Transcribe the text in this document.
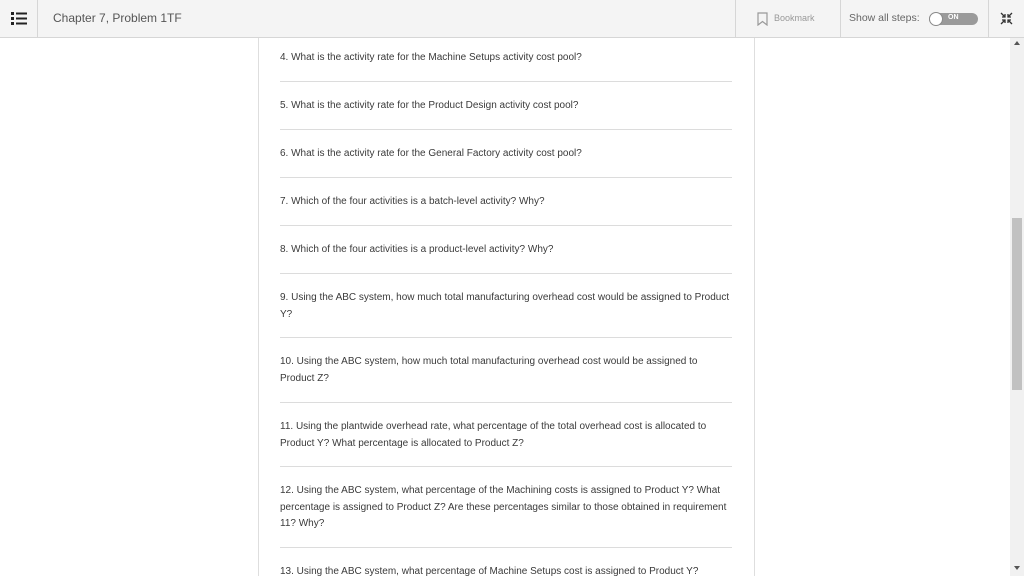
Chapter 7, Problem 1TF	Bookmark	Show all steps:	ON
4. What is the activity rate for the Machine Setups activity cost pool?
5. What is the activity rate for the Product Design activity cost pool?
6. What is the activity rate for the General Factory activity cost pool?
7. Which of the four activities is a batch-level activity? Why?
8. Which of the four activities is a product-level activity? Why?
9. Using the ABC system, how much total manufacturing overhead cost would be assigned to Product Y?
10. Using the ABC system, how much total manufacturing overhead cost would be assigned to Product Z?
11. Using the plantwide overhead rate, what percentage of the total overhead cost is allocated to Product Y? What percentage is allocated to Product Z?
12. Using the ABC system, what percentage of the Machining costs is assigned to Product Y? What percentage is assigned to Product Z? Are these percentages similar to those obtained in requirement 11? Why?
13. Using the ABC system, what percentage of Machine Setups cost is assigned to Product Y?
